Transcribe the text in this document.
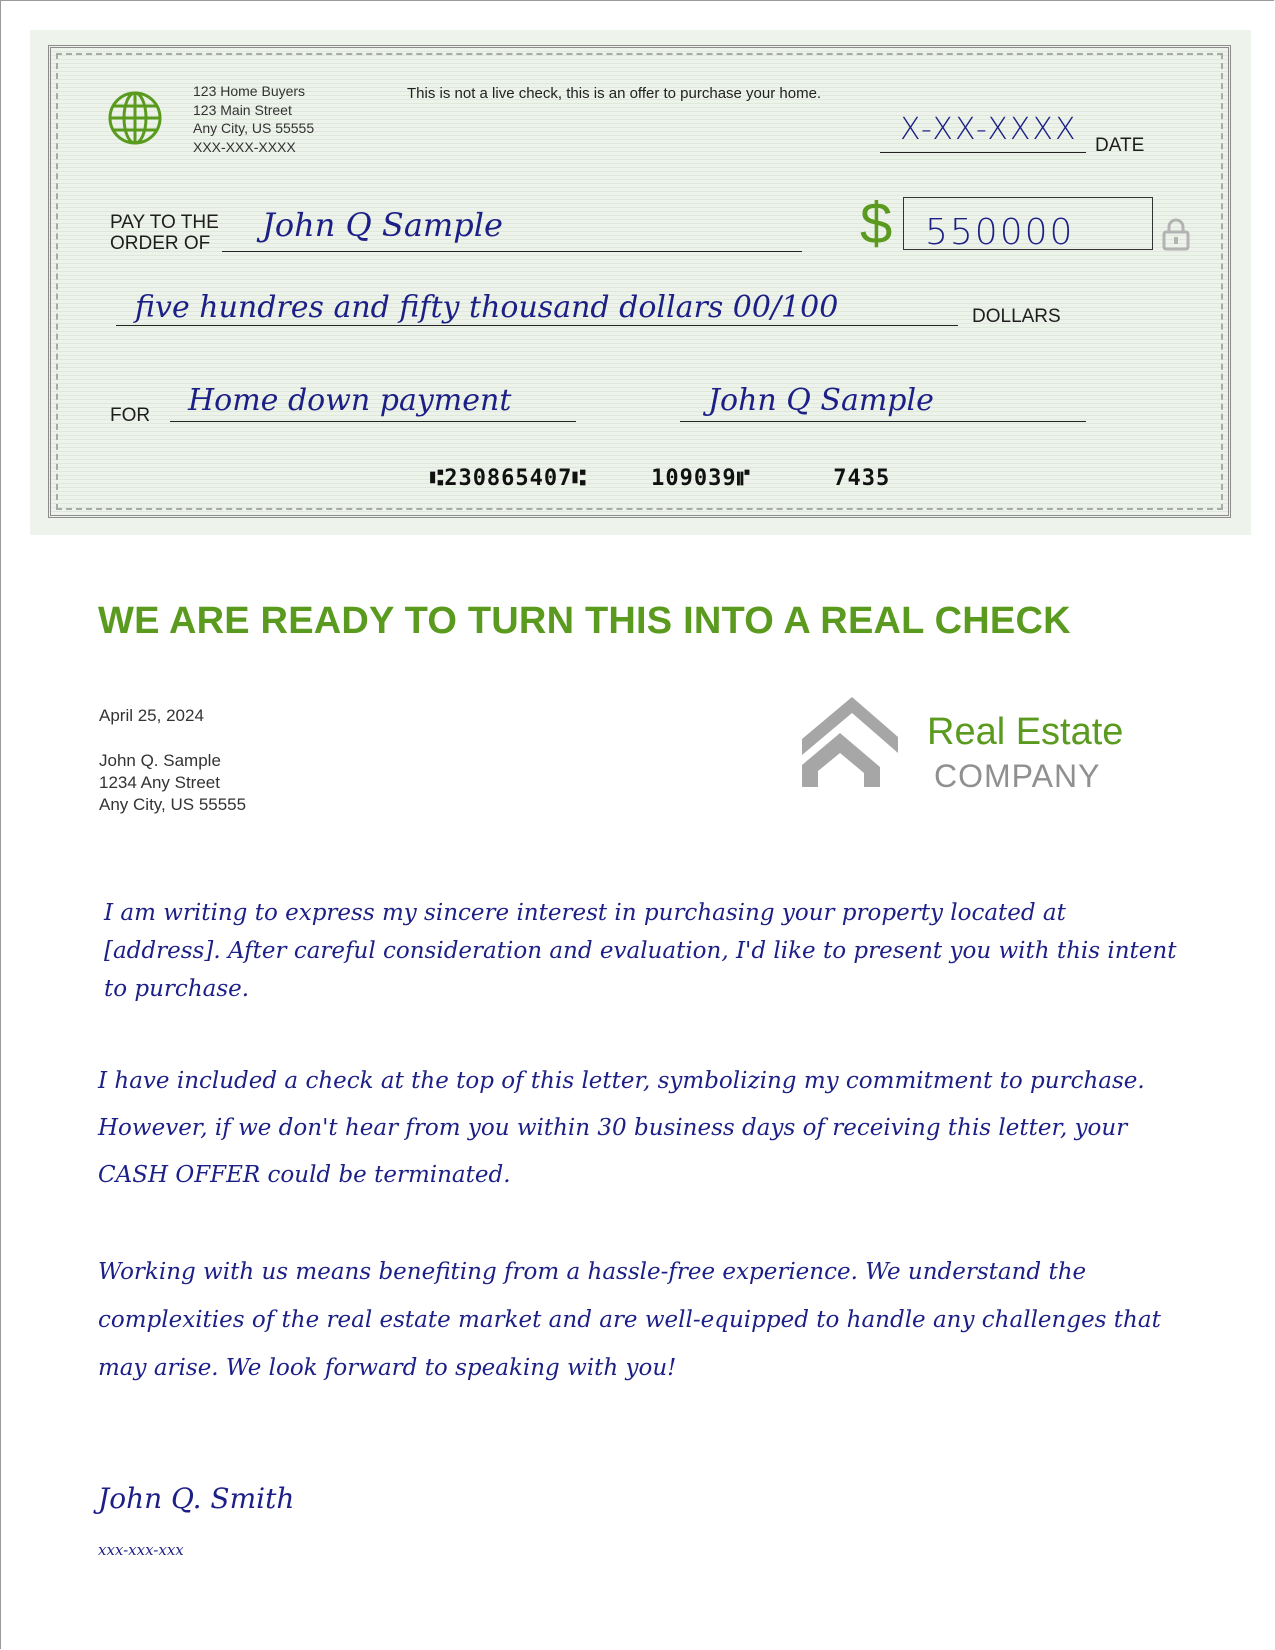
123 Home Buyers
123 Main Street
Any City, US 55555
XXX-XXX-XXXX
This is not a live check, this is an offer to purchase your home.
X-XX-XXXX DATE
PAY TO THE
ORDER OF John Q Sample	$ 550000
five hundres and fifty thousand dollars 00/100	DOLLARS
FOR Home down payment	John Q Sample
⑆230865407⑆	109039⑈	7435
WE ARE READY TO TURN THIS INTO A REAL CHECK
April 25, 2024
John Q. Sample
1234 Any Street
Any City, US 55555
Real Estate
COMPANY

I am writing to express my sincere interest in purchasing your property located at [address]. After careful consideration and evaluation, I'd like to present you with this intent to purchase.

I have included a check at the top of this letter, symbolizing my commitment to purchase. However, if we don't hear from you within 30 business days of receiving this letter, your CASH OFFER could be terminated.

Working with us means benefiting from a hassle-free experience. We understand the complexities of the real estate market and are well-equipped to handle any challenges that may arise. We look forward to speaking with you!

John Q. Smith
xxx-xxx-xxx
